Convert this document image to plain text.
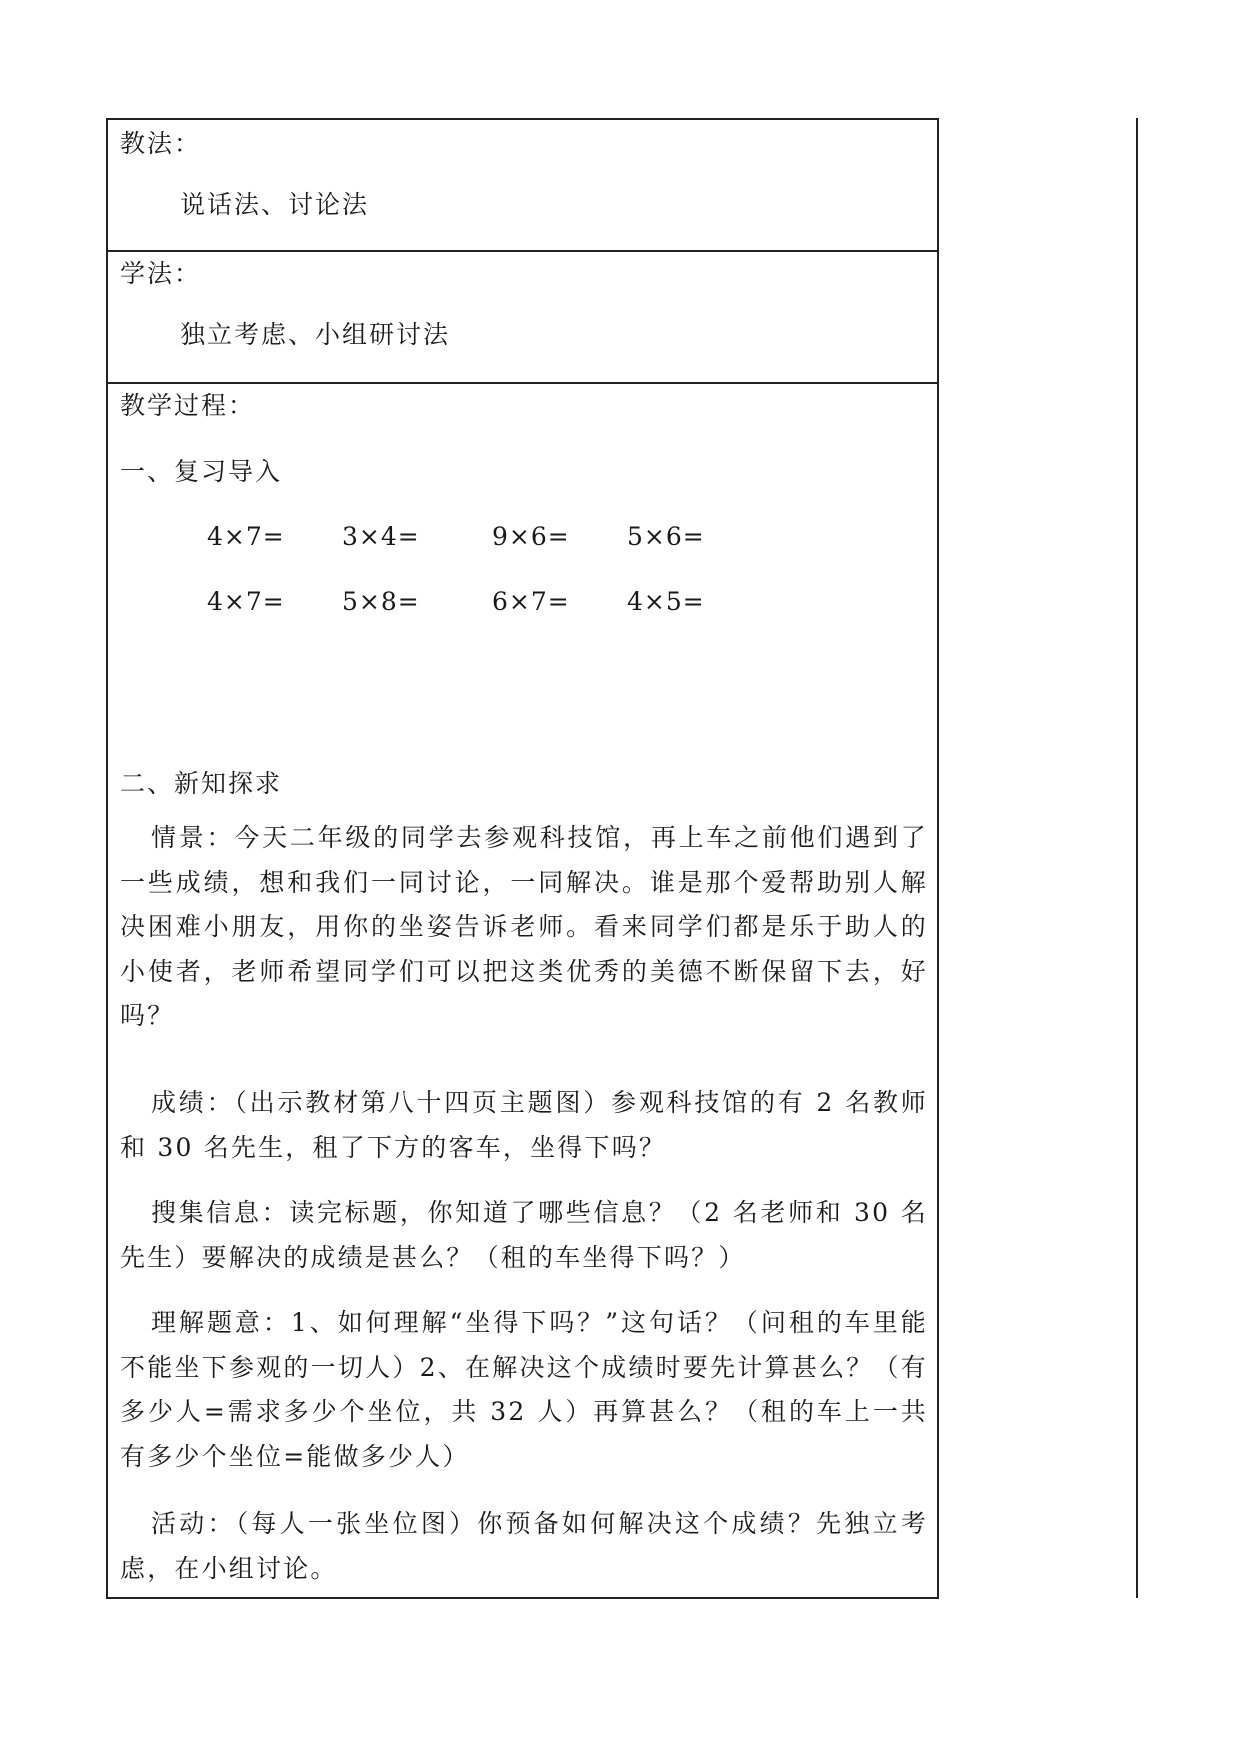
教法：
说话法、讨论法
学法：
独立考虑、小组研讨法
教学过程：
一、复习导入
4×7= 3×4=	9×6= 5×6=
4×7= 5×8=	6×7= 4×5=
二、新知探求
情景：今天二年级的同学去参观科技馆，再上车之前他们遇到了一些成绩，想和我们一同讨论，一同解决。谁是那个爱帮助别人解决困难小朋友，用你的坐姿告诉老师。看来同学们都是乐于助人的小使者，老师希望同学们可以把这类优秀的美德不断保留下去，好吗？
成绩：（出示教材第八十四页主题图）参观科技馆的有 2 名教师和 30 名先生，租了下方的客车，坐得下吗？
搜集信息：读完标题，你知道了哪些信息？（2 名老师和 30 名先生）要解决的成绩是甚么？（租的车坐得下吗？）
理解题意：1、如何理解“坐得下吗？”这句话？（问租的车里能不能坐下参观的一切人）2、在解决这个成绩时要先计算甚么？（有多少人=需求多少个坐位，共 32 人）再算甚么？（租的车上一共有多少个坐位=能做多少人）
活动：（每人一张坐位图）你预备如何解决这个成绩？先独立考虑，在小组讨论。
